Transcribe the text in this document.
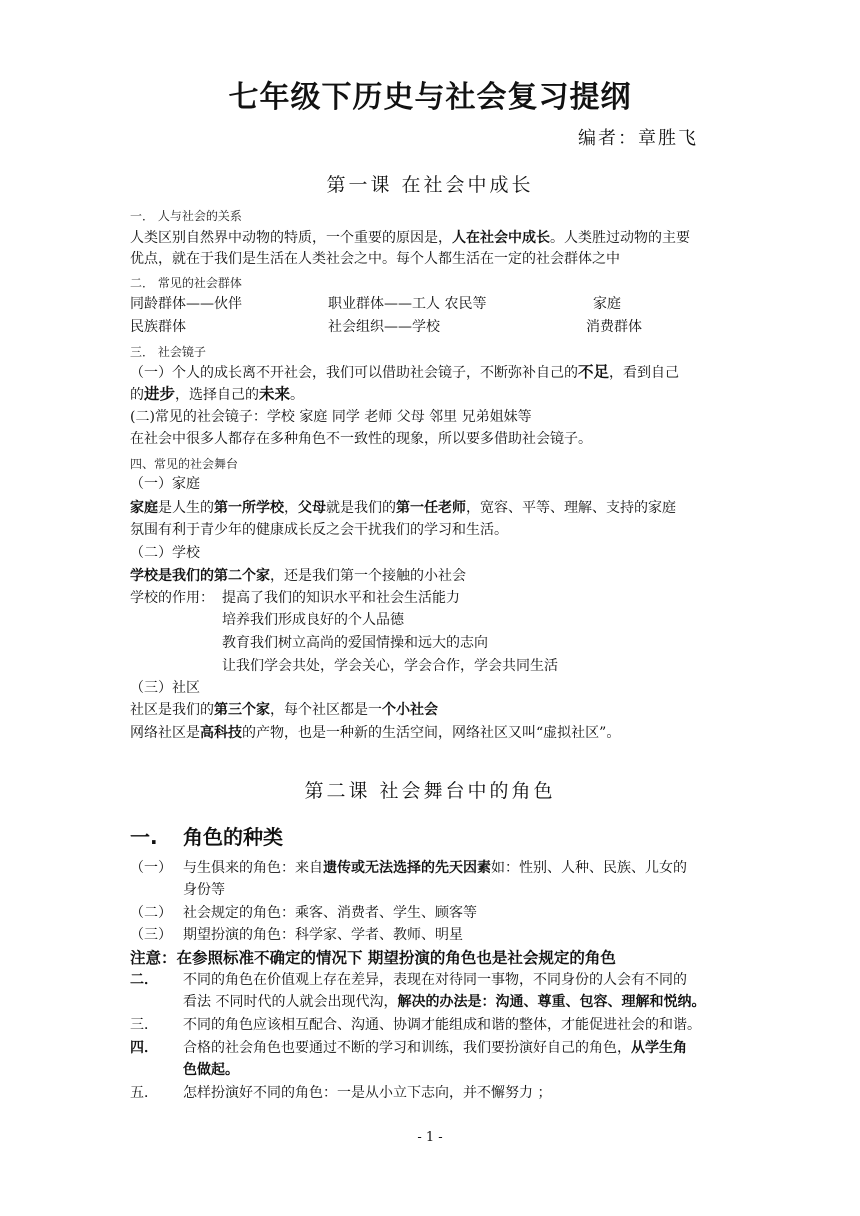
七年级下历史与社会复习提纲
编者：章胜飞
第一课 在社会中成长
一． 人与社会的关系
人类区别自然界中动物的特质，一个重要的原因是，人在社会中成长。人类胜过动物的主要
优点，就在于我们是生活在人类社会之中。每个人都生活在一定的社会群体之中
二． 常见的社会群体
同龄群体——伙伴	职业群体——工人 农民等	家庭
民族群体	社会组织——学校	消费群体
三． 社会镜子
（一）个人的成长离不开社会，我们可以借助社会镜子，不断弥补自己的不足，看到自己
的进步，选择自己的未来。
(二)常见的社会镜子：学校 家庭 同学 老师 父母 邻里 兄弟姐妹等
在社会中很多人都存在多种角色不一致性的现象，所以要多借助社会镜子。
四、常见的社会舞台
（一）家庭
家庭是人生的第一所学校，父母就是我们的第一任老师，宽容、平等、理解、支持的家庭
氛围有利于青少年的健康成长反之会干扰我们的学习和生活。
（二）学校
学校是我们的第二个家，还是我们第一个接触的小社会
学校的作用： 提高了我们的知识水平和社会生活能力
培养我们形成良好的个人品德
教育我们树立高尚的爱国情操和远大的志向
让我们学会共处，学会关心，学会合作，学会共同生活
（三）社区
社区是我们的第三个家，每个社区都是一个小社会
网络社区是高科技的产物，也是一种新的生活空间，网络社区又叫“虚拟社区”。
第二课 社会舞台中的角色
一. 角色的种类
（一） 与生俱来的角色：来自遗传或无法选择的先天因素如：性别、人种、民族、儿女的
身份等
（二） 社会规定的角色：乘客、消费者、学生、顾客等
（三） 期望扮演的角色：科学家、学者、教师、明星
注意：在参照标准不确定的情况下 期望扮演的角色也是社会规定的角色
二． 不同的角色在价值观上存在差异，表现在对待同一事物，不同身份的人会有不同的
看法 不同时代的人就会出现代沟，解决的办法是：沟通、尊重、包容、理解和悦纳。
三． 不同的角色应该相互配合、沟通、协调才能组成和谐的整体，才能促进社会的和谐。
四． 合格的社会角色也要通过不断的学习和训练，我们要扮演好自己的角色，从学生角
色做起。
五． 怎样扮演好不同的角色：一是从小立下志向，并不懈努力 ；
- 1 -
